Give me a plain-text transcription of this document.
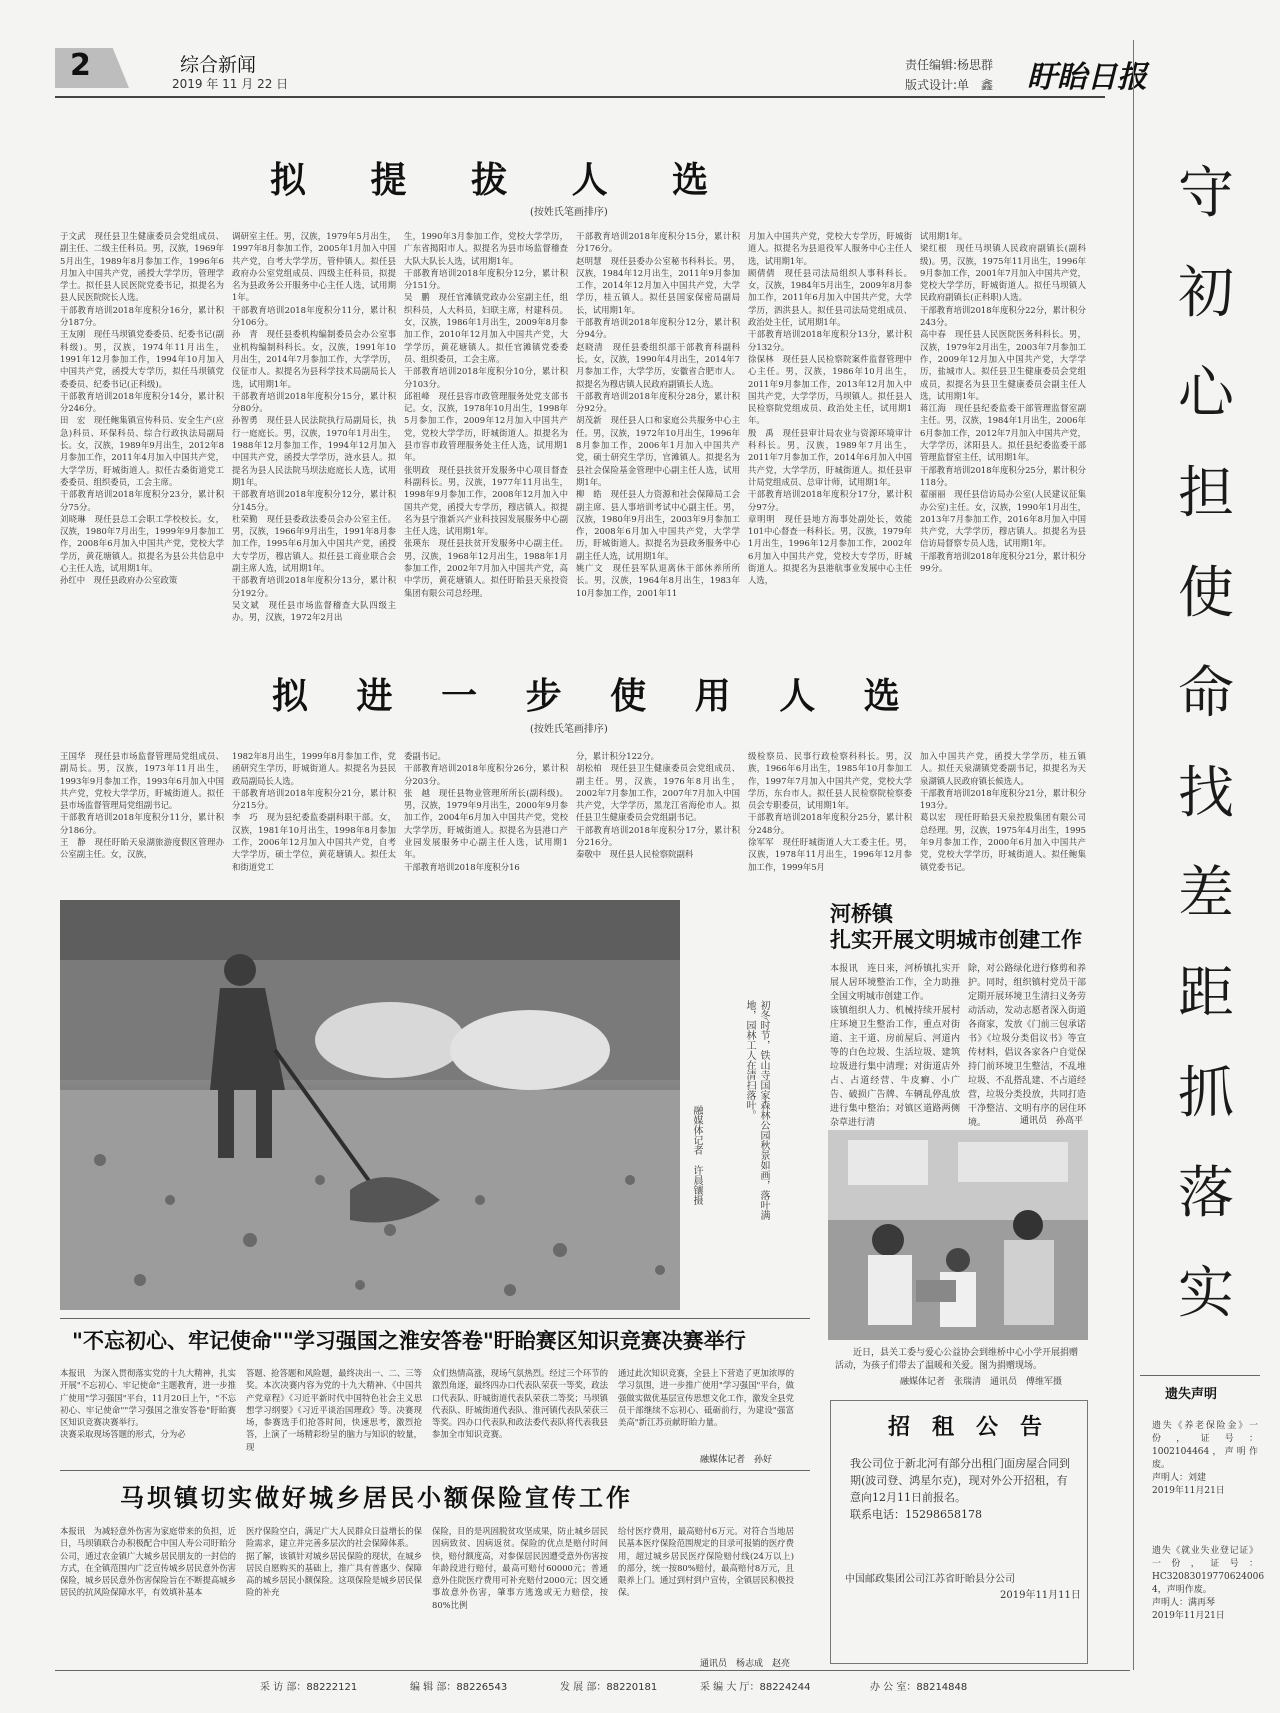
2	综合新闻
2019 年 11 月 22 日
责任编辑:杨思群
版式设计:单　鑫 盱眙日报
守
初
心
担
使
命
找
差
距
抓
落
实
遗失声明
遗失《养老保险金》一份，证号：1002104464，声明作废。
声明人：刘建
2019年11月21日
遗失《就业失业登记证》一份，证号：HC32083019770624006 4，声明作废。
声明人：满再琴
2019年11月21日
拟 提 拔 人 选
(按姓氏笔画排序)
于文武　现任县卫生健康委员会党组成员、副主任、二级主任科员。男，汉族，1969年5月出生，1989年8月参加工作，1996年6月加入中国共产党，函授大学学历，管理学学士。拟任县人民医院党委书记，拟提名为县人民医院院长人选。
干部教育培训2018年度积分16分，累计积分187分。
王友刚　现任马坝镇党委委员、纪委书记(副科级)。男，汉族，1974年11月出生，1991年12月参加工作，1994年10月加入中国共产党，函授大专学历，拟任马坝镇党委委员、纪委书记(正科级)。
干部教育培训2018年度积分14分，累计积分246分。
田　宏　现任鲍集镇宣传科员、安全生产(应急)科员、环保科员、综合行政执法局副局长。女，汉族，1989年9月出生，2012年8月参加工作，2011年4月加入中国共产党，大学学历，盱城街道人。拟任古桑街道党工委委员、组织委员，工会主席。
干部教育培训2018年度积分23分，累计积分75分。
刘晓琳　现任县总工会职工学校校长。女，汉族，1980年7月出生，1999年9月参加工作，2008年6月加入中国共产党，党校大学学历，黄花塘镇人。拟提名为县公共信息中心主任人选，试用期1年。
孙红中　现任县政府办公室政策
调研室主任。男，汉族，1979年5月出生，1997年8月参加工作，2005年1月加入中国共产党，自考大学学历，管仲镇人。拟任县政府办公室党组成员、四级主任科员，拟提名为县政务公开服务中心主任人选，试用期1年。
干部教育培训2018年度积分11分，累计积分106分。
孙　青　现任县委机构编制委员会办公室事业机构编制科科长。女，汉族，1991年10月出生，2014年7月参加工作，大学学历，仪征市人。拟提名为县科学技术局副局长人选，试用期1年。
干部教育培训2018年度积分15分，累计积分80分。
孙智勇　现任县人民法院执行局副局长，执行一庭庭长。男，汉族，1970年1月出生，1988年12月参加工作，1994年12月加入中国共产党，函授大学学历，涟水县人。拟提名为县人民法院马坝法庭庭长人选，试用期1年。
干部教育培训2018年度积分12分，累计积分145分。
杜荣勤　现任县委政法委员会办公室主任。男，汉族，1966年9月出生，1991年8月参加工作，1995年6月加入中国共产党，函授大专学历，穆店镇人。拟任县工商业联合会副主席人选，试用期1年。
干部教育培训2018年度积分13分，累计积分192分。
吴文斌　现任县市场监督稽查大队四级主办。男，汉族，1972年2月出
生，1990年3月参加工作，党校大学学历，广东省揭阳市人。拟提名为县市场监督稽查大队大队长人选，试用期1年。
干部教育培训2018年度积分12分，累计积分151分。
吴　鹏　现任官滩镇党政办公室副主任，组织科员，人大科员，妇联主席，村建科员。女，汉族，1986年1月出生，2009年8月参加工作，2010年12月加入中国共产党，大学学历，黄花塘镇人。拟任官滩镇党委委员、组织委员，工会主席。
干部教育培训2018年度积分10分，累计积分103分。
邱祖峰　现任县容市政管理服务处党支部书记。女，汉族，1978年10月出生，1998年5月参加工作，2009年12月加入中国共产党，党校大学学历，盱城街道人。拟提名为县市容市政管理服务处主任人选，试用期1年。
张明政　现任县扶贫开发服务中心项目督查科副科长。男，汉族，1977年11月出生，1998年9月参加工作，2008年12月加入中国共产党，函授大专学历，穆店镇人。拟提名为县宁淮新兴产业科技园发展服务中心副主任人选，试用期1年。
张瑛东　现任县扶贫开发服务中心副主任。男，汉族，1968年12月出生，1988年1月参加工作，2002年7月加入中国共产党，高中学历，黄花塘镇人。拟任盱眙县天泉投资集团有限公司总经理。
干部教育培训2018年度积分15分，累计积分176分。
赵明慧　现任县委办公室秘书科科长。男，汉族，1984年12月出生，2011年9月参加工作，2014年12月加入中国共产党，大学学历，桂五镇人。拟任县国家保密局副局长，试用期1年。
干部教育培训2018年度积分12分，累计积分94分。
赵晓清　现任县委组织部干部教育科副科长。女，汉族，1990年4月出生，2014年7月参加工作，大学学历，安徽省合肥市人。拟提名为穆店镇人民政府副镇长人选。
干部教育培训2018年度积分28分，累计积分92分。
胡茂新　现任县人口和家庭公共服务中心主任。男，汉族，1972年10月出生，1996年8月参加工作，2006年1月加入中国共产党，硕士研究生学历，官滩镇人。拟提名为县社会保险基金管理中心副主任人选，试用期1年。
柳　皓　现任县人力资源和社会保障局工会副主席、县人事培训考试中心副主任。男，汉族，1980年9月出生，2003年9月参加工作，2008年6月加入中国共产党，大学学历，盱城街道人。拟提名为县政务服务中心副主任人选，试用期1年。
姚广文　现任县军队退离休干部休养所所长。男，汉族，1964年8月出生，1983年10月参加工作，2001年11
月加入中国共产党，党校大专学历，盱城街道人。拟提名为县退役军人服务中心主任人选，试用期1年。
顾倩倩　现任县司法局组织人事科科长。女，汉族，1984年5月出生，2009年8月参加工作，2011年6月加入中国共产党，大学学历，泗洪县人。拟任县司法局党组成员、政治处主任，试用期1年。
干部教育培训2018年度积分13分，累计积分132分。
徐保林　现任县人民检察院案件监督管理中心主任。男，汉族，1986年10月出生，2011年9月参加工作，2013年12月加入中国共产党，大学学历，马坝镇人。拟任县人民检察院党组成员、政治处主任，试用期1年。
殷　禹　现任县审计局农业与资源环境审计科科长。男，汉族，1989年7月出生，2011年7月参加工作，2014年6月加入中国共产党，大学学历，盱城街道人。拟任县审计局党组成员、总审计师，试用期1年。
干部教育培训2018年度积分17分，累计积分97分。
章明明　现任县地方海事处副处长，效能101中心督查一科科长。男，汉族，1979年1月出生，1996年12月参加工作，2002年6月加入中国共产党，党校大专学历，盱城街道人。拟提名为县港航事业发展中心主任人选，
试用期1年。
梁红根　现任马坝镇人民政府副镇长(副科级)。男，汉族，1975年11月出生，1996年9月参加工作，2001年7月加入中国共产党，党校大学学历，盱城街道人。拟任马坝镇人民政府副镇长(正科职)人选。
干部教育培训2018年度积分22分，累计积分243分。
高中春　现任县人民医院医务科科长。男，汉族，1979年2月出生，2003年7月参加工作，2009年12月加入中国共产党，大学学历，盐城市人。拟任县卫生健康委员会党组成员，拟提名为县卫生健康委员会副主任人选，试用期1年。
蒋江海　现任县纪委监委干部管理监督室副主任。男，汉族，1984年1月出生，2006年6月参加工作，2012年7月加入中国共产党，大学学历，沭阳县人。拟任县纪委监委干部管理监督室主任，试用期1年。
干部教育培训2018年度积分25分，累计积分118分。
翟丽丽　现任县信访局办公室(人民建议征集办公室)主任。女，汉族，1990年1月出生，2013年7月参加工作，2016年8月加入中国共产党，大学学历，穆店镇人。拟提名为县信访局督察专员人选，试用期1年。
干部教育培训2018年度积分21分，累计积分99分。
拟 进 一 步 使 用 人 选
(按姓氏笔画排序)
王国华　现任县市场监督管理局党组成员、副局长。男，汉族，1973年11月出生，1993年9月参加工作，1993年6月加入中国共产党，党校大学学历，盱城街道人。拟任县市场监督管理局党组副书记。
干部教育培训2018年度积分11分，累计积分186分。
王　静　现任盱眙天泉湖旅游度假区管理办公室副主任。女，汉族，
1982年8月出生，1999年8月参加工作，党函研究生学历，盱城街道人。拟提名为县民政局副局长人选。
干部教育培训2018年度积分21分，累计积分215分。
李　巧　现为县纪委监委副科职干部。女，汉族，1981年10月出生，1998年8月参加工作，2006年12月加入中国共产党，自考大学学历，硕士学位，黄花塘镇人。拟任太和街道党工
委副书记。
干部教育培训2018年度积分26分，累计积分203分。
张　越　现任县物业管理所所长(副科级)。男，汉族，1979年9月出生，2000年9月参加工作，2004年6月加入中国共产党，党校大学学历，盱城街道人。拟提名为县港口产业园发展服务中心副主任人选，试用期1年。
干部教育培训2018年度积分16
分，累计积分122分。
胡松柏　现任县卫生健康委员会党组成员、副主任。男，汉族，1976年8月出生，2002年7月参加工作，2007年7月加入中国共产党，大学学历，黑龙江省海伦市人。拟任县卫生健康委员会党组副书记。
干部教育培训2018年度积分17分，累计积分216分。
秦敬中　现任县人民检察院副科
级检察员、民事行政检察科科长。男，汉族，1966年6月出生，1985年10月参加工作，1997年7月加入中国共产党，党校大学学历，东台市人。拟任县人民检察院检察委员会专职委员，试用期1年。
干部教育培训2018年度积分25分，累计积分248分。
徐军军　现任盱城街道人大工委主任。男，汉族，1978年11月出生，1996年12月参加工作，1999年5月
加入中国共产党，函授大学学历，桂五镇人。拟任天泉湖镇党委副书记，拟提名为天泉湖镇人民政府镇长候选人。
干部教育培训2018年度积分21分，累计积分193分。
葛以宏　现任盱眙县天泉控股集团有限公司总经理。男，汉族，1975年4月出生，1995年9月参加工作，2000年6月加入中国共产党，党校大学学历，盱城街道人。拟任鲍集镇党委书记。
初冬时节，铁山寺国家森林公园秋景如画，落叶满地，园林工人在清扫落叶。
融媒体记者　许晨镶摄
河桥镇
扎实开展文明城市创建工作
本报讯　连日来，河桥镇扎实开展人居环境整治工作，全力助推全国文明城市创建工作。
该镇组织人力、机械持续开展村庄环境卫生整治工作，重点对街道、主干道、房前屋后、河道内等的白色垃圾、生活垃圾、建筑垃圾进行集中清理；对街道店外占、占道经营、牛皮癣、小广告、破损广告牌、车辆乱停乱放进行集中整治；对镇区道路两侧杂草进行清
除，对公路绿化进行修剪和养护。同时，组织镇村党员干部定期开展环境卫生清扫义务劳动活动，发动志愿者深入街道各商家，发放《门前三包承诺书》《垃圾分类倡议书》等宣传材料，倡议各家各户自觉保持门前环境卫生整洁，不乱堆垃圾、不乱搭乱建、不占道经营，垃圾分类投放，共同打造干净整洁、文明有序的居住环境。	通讯员　孙高平
近日，县关工委与爱心公益协会到维桥中心小学开展捐赠活动，为孩子们带去了温暖和关爱。图为捐赠现场。
融媒体记者　张瑞清　通讯员　傅维军摄
"不忘初心、牢记使命""学习强国之淮安答卷"盱眙赛区知识竞赛决赛举行
本报讯　为深入贯彻落实党的十九大精神，扎实开展"不忘初心、牢记使命"主题教育，进一步推广使用"学习强国"平台，11月20日上午，"不忘初心、牢记使命""学习强国之淮安答卷"盱眙赛区知识竞赛决赛举行。
决赛采取现场答题的形式，分为必
答题、抢答题和风险题，最终决出一、二、三等奖。本次决赛内容为党的十九大精神、《中国共产党章程》《习近平新时代中国特色社会主义思想学习纲要》《习近平谈治国理政》等。决赛现场，参赛选手们抢答时间，快速思考，激烈抢答，上演了一场精彩纷呈的脑力与知识的较量，现
众们热情高涨，现场气氛热烈。经过三个环节的激烈角逐，最终四办口代表队荣获一等奖，政法口代表队、盱城街道代表队荣获二等奖；马坝镇代表队、盱城街道代表队、淮河镇代表队荣获三等奖。四办口代表队和政法委代表队将代表我县参加全市知识竞赛。
通过此次知识竞赛，全县上下营造了更加浓厚的学习氛围，进一步推广使用"学习强国"平台，做强做实做优基层宣传思想文化工作，激发全县党员干部继续不忘初心、砥砺前行，为建设"强富美高"新江苏贡献盱眙力量。
融媒体记者　孙好
马坝镇切实做好城乡居民小额保险宣传工作
本报讯　为减轻意外伤害为家庭带来的负担，近日，马坝镇联合办积极配合中国人寿公司盱眙分公司，通过农金镇广大城乡居民朋友的一封信的方式，在全镇范围内广泛宣传城乡居民意外伤害保险，城乡居民意外伤害保险旨在不断提高城乡居民的抗风险保障水平，有效填补基本
医疗保险空白，满足广大人民群众日益增长的保险需求，建立并完善多层次的社会保障体系。
据了解，该镇针对城乡居民保险的现状，在城乡居民自愿购买的基础上，推广具有普惠少、保障高的城乡居民小额保险。这项保险是城乡居民保险的补充
保险，目的是巩固脱贫攻坚成果，防止城乡居民因病致贫、因病返贫。保险的优点是赔付时间快，赔付额度高，对参保居民因遭受意外伤害按年龄段进行赔付，最高可赔付60000元；普通意外住院医疗费用可补充赔付2000元；因交通事故意外伤害，肇事方逃逸或无力赔偿，按80%比例
给付医疗费用，最高赔付6万元。对符合当地居民基本医疗保险范围规定的目录可报销的医疗费用，超过城乡居民医疗保险赔付线(24万以上)的部分，统一按80%赔付，最高赔付8万元，且限养上门。通过到村到户宣传，全镇居民积极投保。
通讯员　杨志成　赵亮
招　租　公　告
我公司位于新北河有部分出租门面房屋合同到期(波司登、鸿星尔克)，现对外公开招租，有意向12月11日前报名。
联系电话：15298658178
中国邮政集团公司江苏省盱眙县分公司
2019年11月11日
采 访 部：88222121	编 辑 部：88226543	发 展 部：88220181	采 编 大 厅：88224244	办 公 室：88214848
